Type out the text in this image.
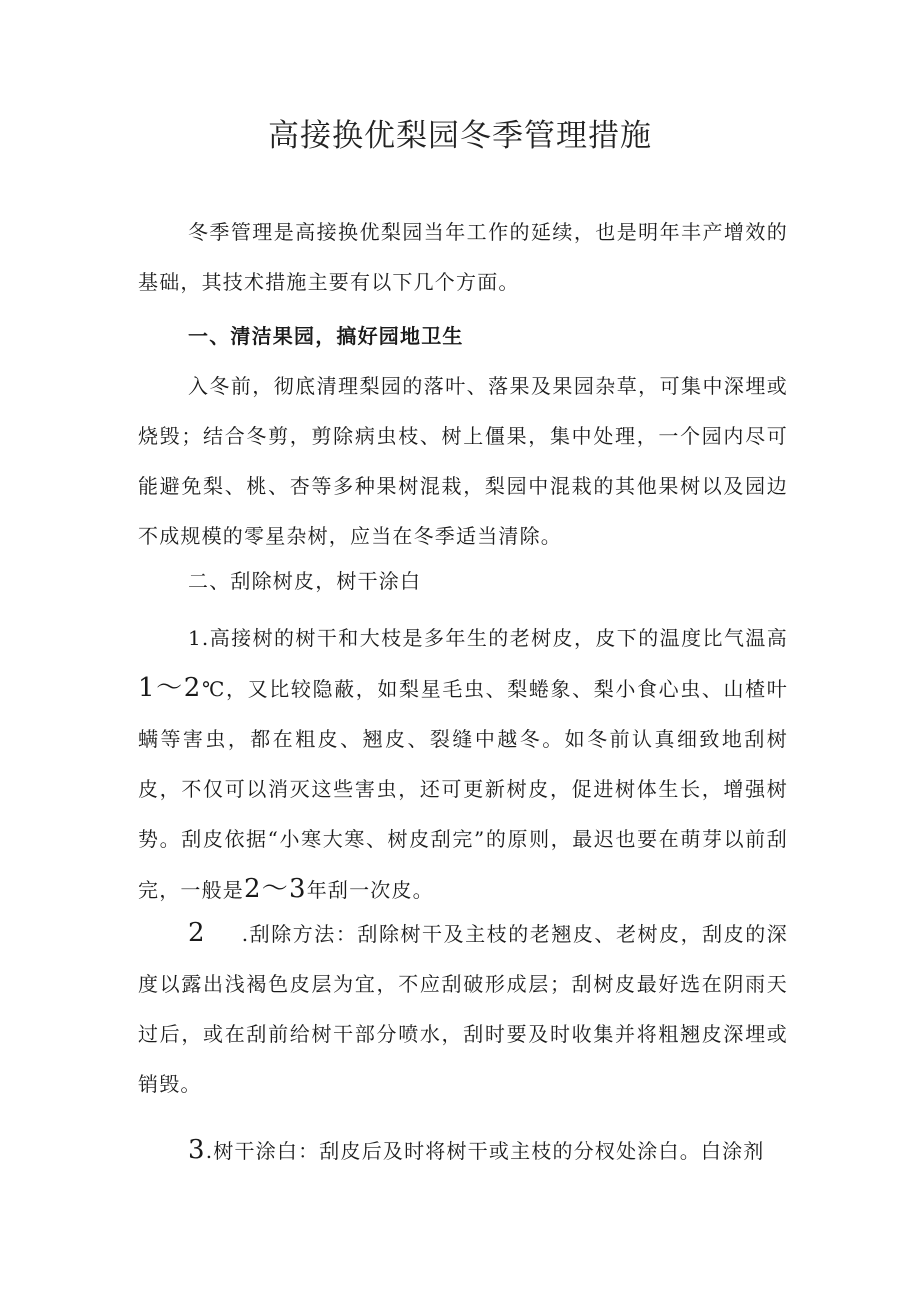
高接换优梨园冬季管理措施

冬季管理是高接换优梨园当年工作的延续，也是明年丰产增效的基础，其技术措施主要有以下几个方面。

一、清洁果园，搞好园地卫生

入冬前，彻底清理梨园的落叶、落果及果园杂草，可集中深埋或烧毁；结合冬剪，剪除病虫枝、树上僵果，集中处理，一个园内尽可能避免梨、桃、杏等多种果树混栽，梨园中混栽的其他果树以及园边不成规模的零星杂树，应当在冬季适当清除。

二、刮除树皮，树干涂白

1.高接树的树干和大枝是多年生的老树皮，皮下的温度比气温高1～2℃，又比较隐蔽，如梨星毛虫、梨蜷象、梨小食心虫、山楂叶螨等害虫，都在粗皮、翘皮、裂缝中越冬。如冬前认真细致地刮树皮，不仅可以消灭这些害虫，还可更新树皮，促进树体生长，增强树势。刮皮依据“小寒大寒、树皮刮完”的原则，最迟也要在萌芽以前刮完，一般是2～3年刮一次皮。

2 .刮除方法：刮除树干及主枝的老翘皮、老树皮，刮皮的深度以露出浅褐色皮层为宜，不应刮破形成层；刮树皮最好选在阴雨天过后，或在刮前给树干部分喷水，刮时要及时收集并将粗翘皮深埋或销毁。

3.树干涂白：刮皮后及时将树干或主枝的分杈处涂白。白涂剂
